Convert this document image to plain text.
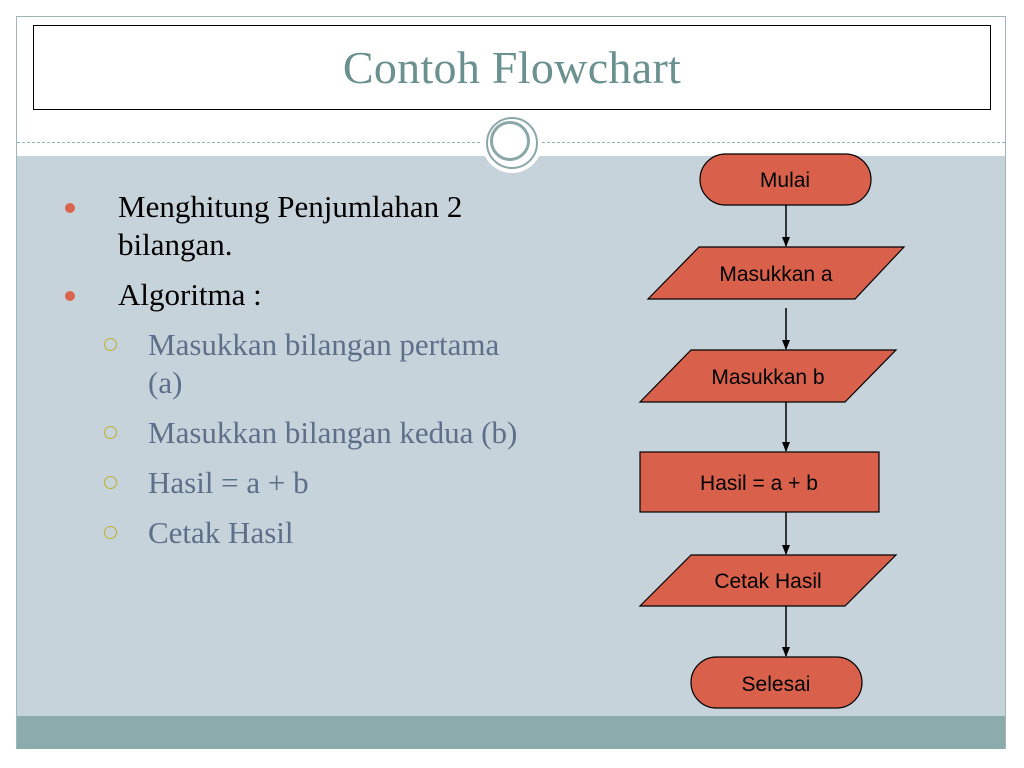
Contoh Flowchart
Menghitung Penjumlahan 2 bilangan.
Algoritma :
Masukkan bilangan pertama (a)
Masukkan bilangan kedua (b)
Hasil = a + b
Cetak Hasil
Mulai
Masukkan a
Masukkan b
Hasil = a + b
Cetak Hasil
Selesai
